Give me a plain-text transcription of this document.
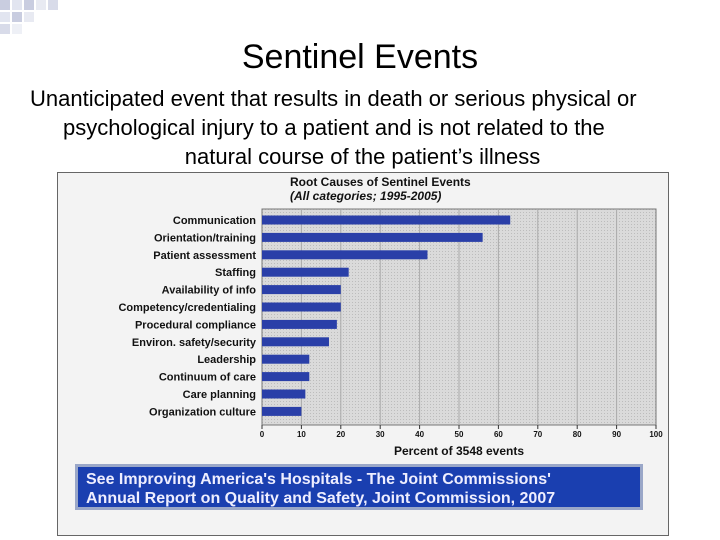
Sentinel Events
Unanticipated event that results in death or serious physical or
psychological injury to a patient and is not related to the
natural course of the patient’s illness
Root Causes of Sentinel Events
(All categories; 1995-2005)
0	10	20	30	40	50	60	70	80	90	100
Communication
Orientation/training
Patient assessment
Staffing
Availability of info
Competency/credentialing
Procedural compliance
Environ. safety/security
Leadership
Continuum of care
Care planning
Organization culture
Percent of 3548 events
See Improving America's Hospitals - The Joint Commissions'
Annual Report on Quality and Safety, Joint Commission, 2007
